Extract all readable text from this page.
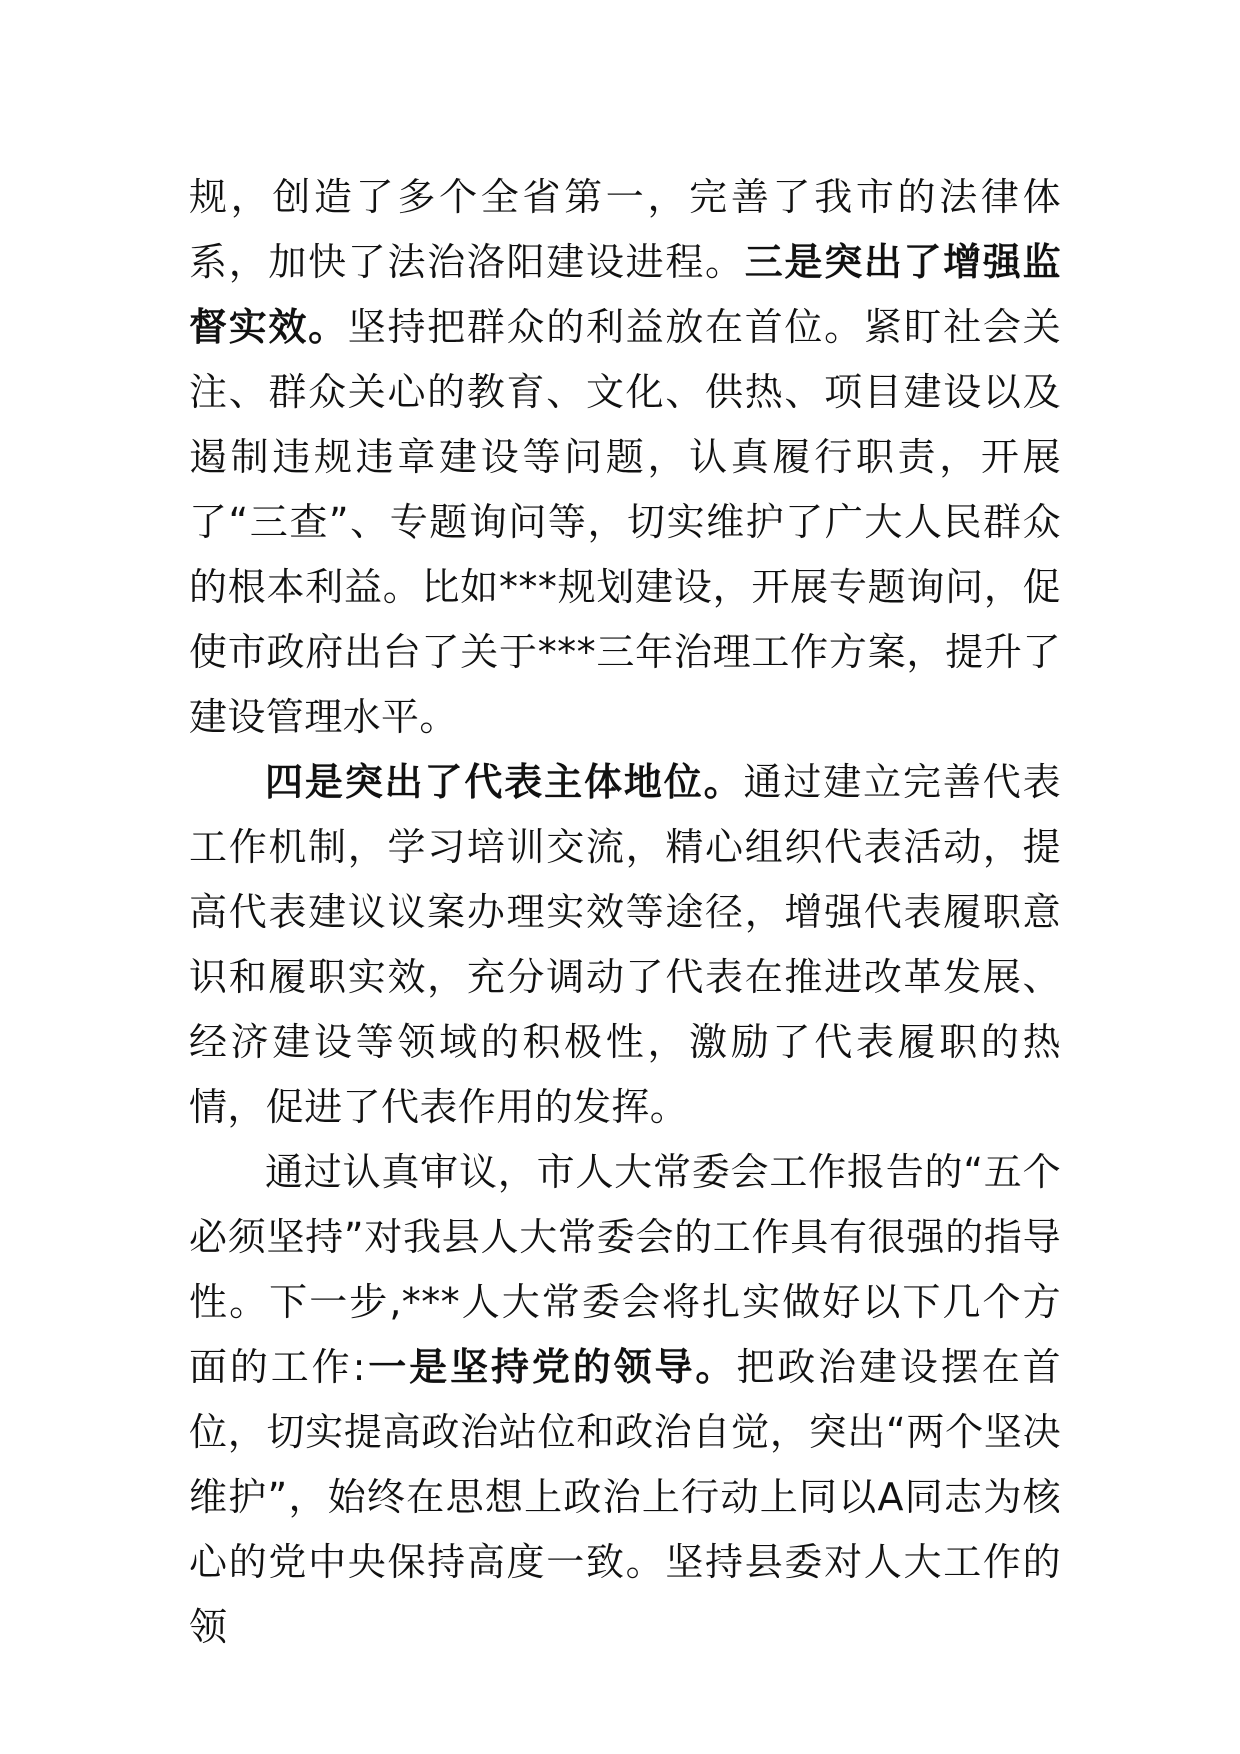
规，创造了多个全省第一，完善了我市的法律体系，加快了法治洛阳建设进程。三是突出了增强监督实效。坚持把群众的利益放在首位。紧盯社会关注、群众关心的教育、文化、供热、项目建设以及遏制违规违章建设等问题，认真履行职责，开展了“三查”、专题询问等，切实维护了广大人民群众的根本利益。比如***规划建设，开展专题询问，促使市政府出台了关于***三年治理工作方案，提升了建设管理水平。

四是突出了代表主体地位。通过建立完善代表工作机制，学习培训交流，精心组织代表活动，提高代表建议议案办理实效等途径，增强代表履职意识和履职实效，充分调动了代表在推进改革发展、经济建设等领域的积极性，激励了代表履职的热情，促进了代表作用的发挥。

通过认真审议，市人大常委会工作报告的“五个必须坚持”对我县人大常委会的工作具有很强的指导性。下一步,***人大常委会将扎实做好以下几个方面的工作:一是坚持党的领导。把政治建设摆在首位，切实提高政治站位和政治自觉，突出“两个坚决维护”，始终在思想上政治上行动上同以A同志为核心的党中央保持高度一致。坚持县委对人大工作的领
